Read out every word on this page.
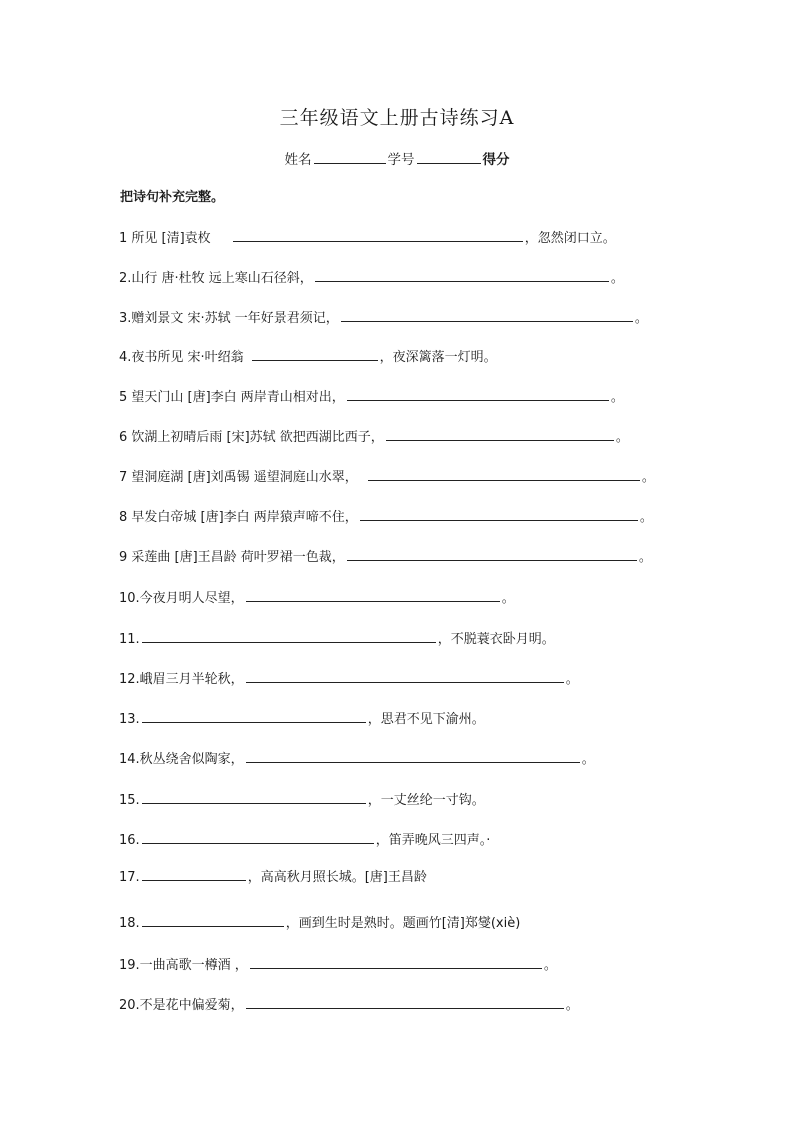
三年级语文上册古诗练习A
姓名	学号	得分
把诗句补充完整。
1 所见 [清]袁枚	，忽然闭口立。
2.山行 唐·杜牧 远上寒山石径斜，	。
3.赠刘景文 宋·苏轼 一年好景君须记，	。
4.夜书所见 宋·叶绍翁	，夜深篱落一灯明。
5 望天门山 [唐]李白 两岸青山相对出，	。
6 饮湖上初晴后雨 [宋]苏轼 欲把西湖比西子，	。
7 望洞庭湖 [唐]刘禹锡 遥望洞庭山水翠，	。
8 早发白帝城 [唐]李白 两岸猿声啼不住，	。
9 采莲曲 [唐]王昌龄 荷叶罗裙一色裁，	。
10.今夜月明人尽望，	。
11.	，不脱蓑衣卧月明。
12.峨眉三月半轮秋，	。
13.	，思君不见下渝州。
14.秋丛绕舍似陶家，	。
15.	，一丈丝纶一寸钩。
16.	，笛弄晚风三四声。·
17.	，高高秋月照长城。[唐]王昌龄
18.	，画到生时是熟时。题画竹[清]郑燮(xiè)
19.一曲高歌一樽酒 ，	。
20.不是花中偏爱菊，	。
